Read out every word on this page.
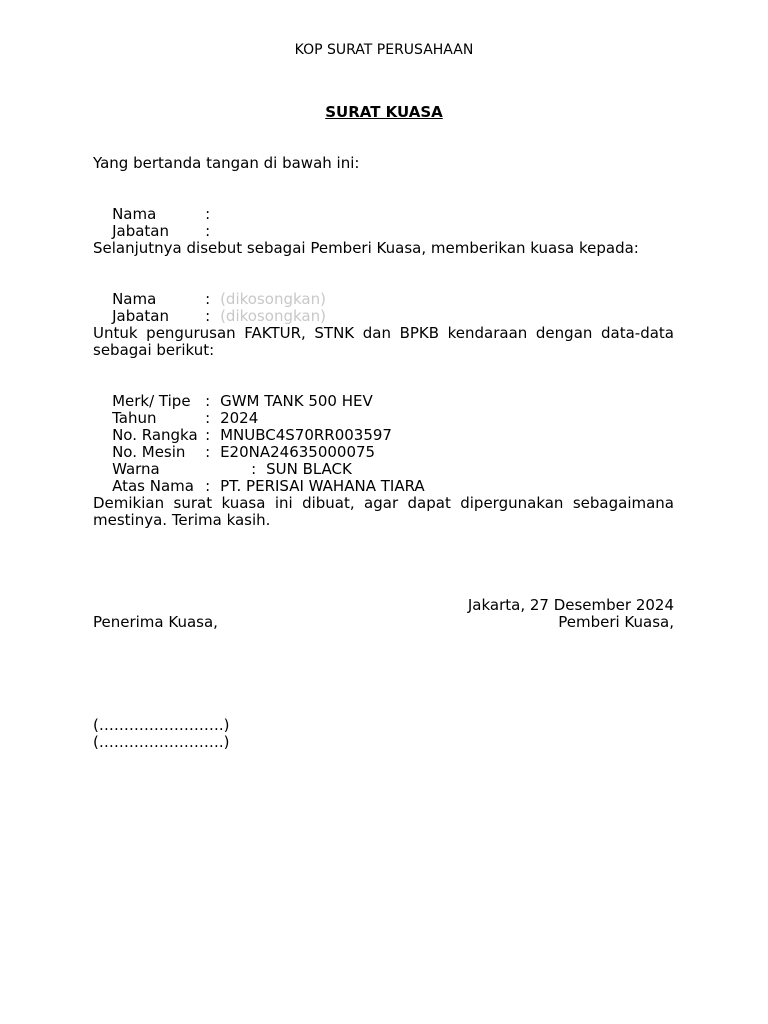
KOP SURAT PERUSAHAAN
SURAT KUASA
Yang bertanda tangan di bawah ini:

Nama	:

Jabatan :

Selanjutnya disebut sebagai Pemberi Kuasa, memberikan kuasa kepada:

Nama	: (dikosongkan)

Jabatan : (dikosongkan)

Untuk pengurusan FAKTUR, STNK dan BPKB kendaraan dengan data-data sebagai berikut:

Merk/ Tipe : GWM TANK 500 HEV

Tahun	: 2024

No. Rangka : MNUBC4S70RR003597

No. Mesin : E20NA24635000075

Warna	: SUN BLACK

Atas Nama : PT. PERISAI WAHANA TIARA

Demikian surat kuasa ini dibuat, agar dapat dipergunakan sebagaimana mestinya. Terima kasih.
Jakarta, 27 Desember 2024
Penerima Kuasa,	Pemberi Kuasa,
(…………………….)
(…………………….)
